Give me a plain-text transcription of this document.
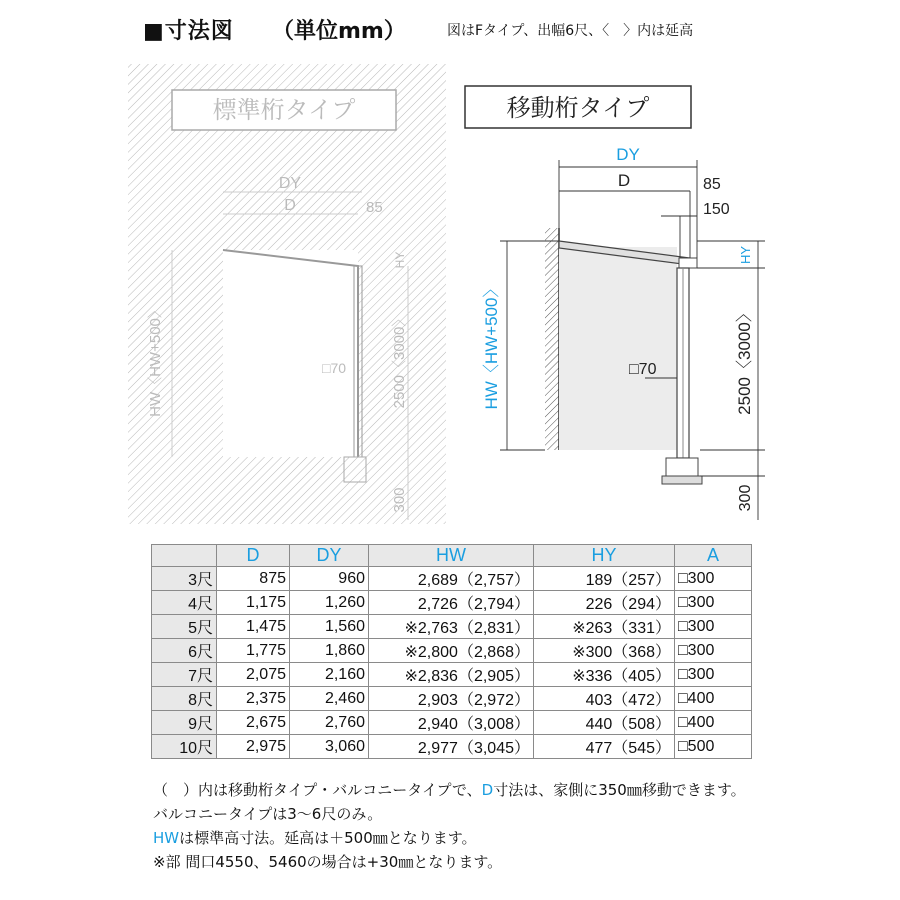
■寸法図 （単位mm）	図はFタイプ、出幅6尺、〈　〉内は延高
標準桁タイプ
DY
D	85
□70
HW〈HW+500〉	2500〈3000〉
HY
300
移動桁タイプ
DY
D	85
150
□70
HW〈HW+500〉
HY
2500〈3000〉
300
	D	DY	HW	HY	A
3尺	875	960	2,689（2,757）	189（257）	□300
4尺	1,175	1,260	2,726（2,794）	226（294）	□300
5尺	1,475	1,560	※2,763（2,831）	※263（331）	□300
6尺	1,775	1,860	※2,800（2,868）	※300（368）	□300
7尺	2,075	2,160	※2,836（2,905）	※336（405）	□300
8尺	2,375	2,460	2,903（2,972）	403（472）	□400
9尺	2,675	2,760	2,940（3,008）	440（508）	□400
10尺	2,975	3,060	2,977（3,045）	477（545）	□500
（　）内は移動桁タイプ・バルコニータイプで、D寸法は、家側に350㎜移動できます。
バルコニータイプは3～6尺のみ。
HWは標準高寸法。延高は＋500㎜となります。
※部 間口4550、5460の場合は+30㎜となります。
